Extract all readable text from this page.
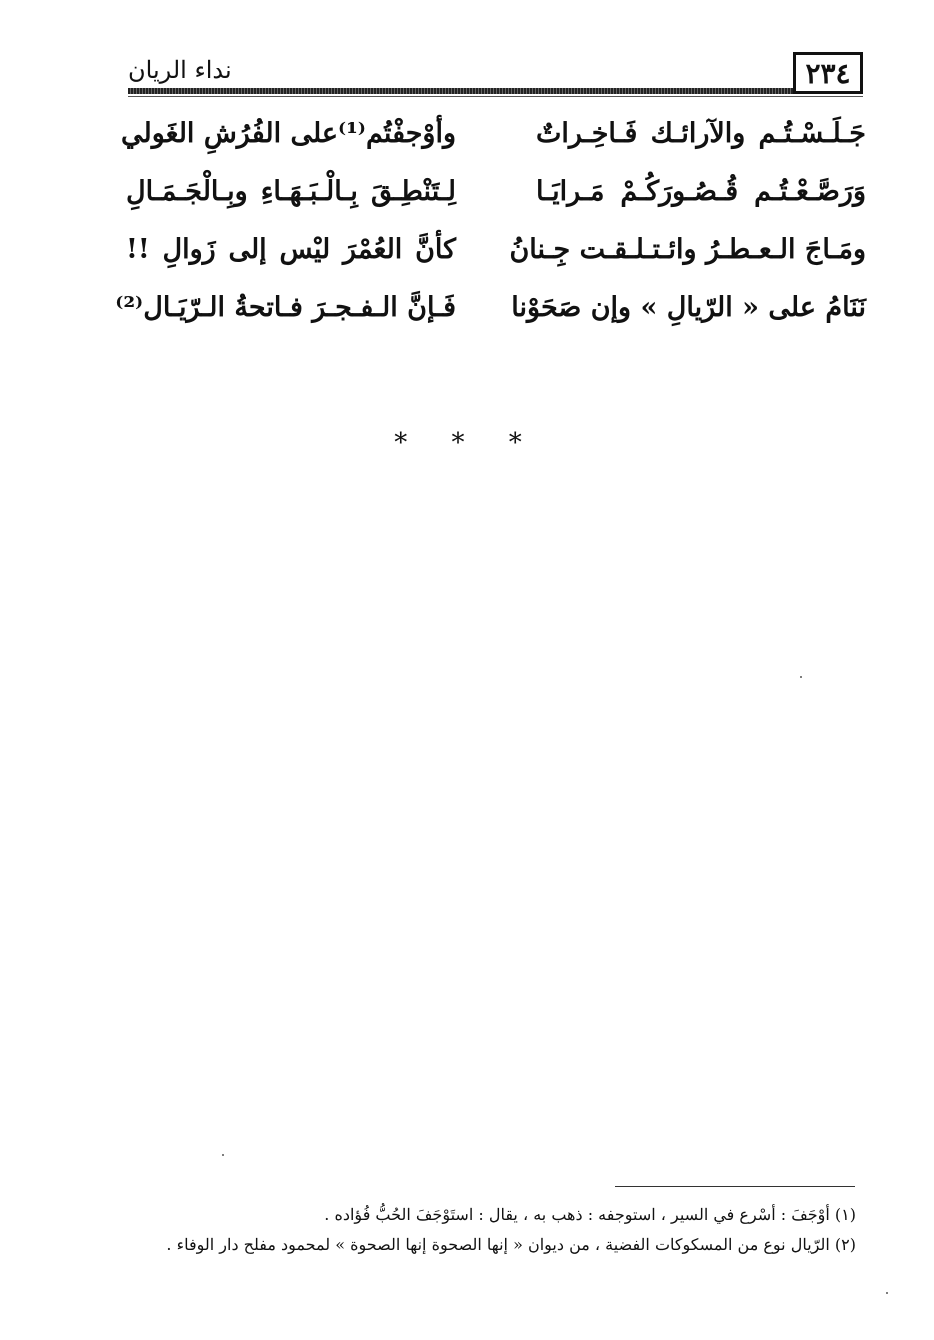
٢٣٤
نداء الريان
جَـلَـسْـتُـم والآرائـك فَـاخِـراتٌ
وأوْجفْتُم⁽¹⁾على الفُرُشِ الغَولي
وَرَصَّـعْـتُـم قُـصُـورَكُـمْ مَـرايَـا
لِـتَنْطِـقَ بِـالْـبَـهَـاءِ وبِـالْجَـمَـالِ
ومَـاجَ الـعـطـرُ وائـتـلـقـت جِـنانُ
كأنَّ العُمْرَ ليْس إلى زَوالِ !!
نَنَامُ على « الرّيالِ » وإن صَحَوْنا
فَـإنَّ الـفـجـرَ فـاتحةُ الـرّيَـال⁽²⁾
* * *
(١) أوْجَفَ : أسْرع في السير ، استوجفه : ذهب به ، يقال : استَوْجَفَ الحُبُّ فُؤاده .
(٢) الرّيال نوع من المسكوكات الفضية ، من ديوان « إنها الصحوة إنها الصحوة » لمحمود مفلح دار الوفاء .
